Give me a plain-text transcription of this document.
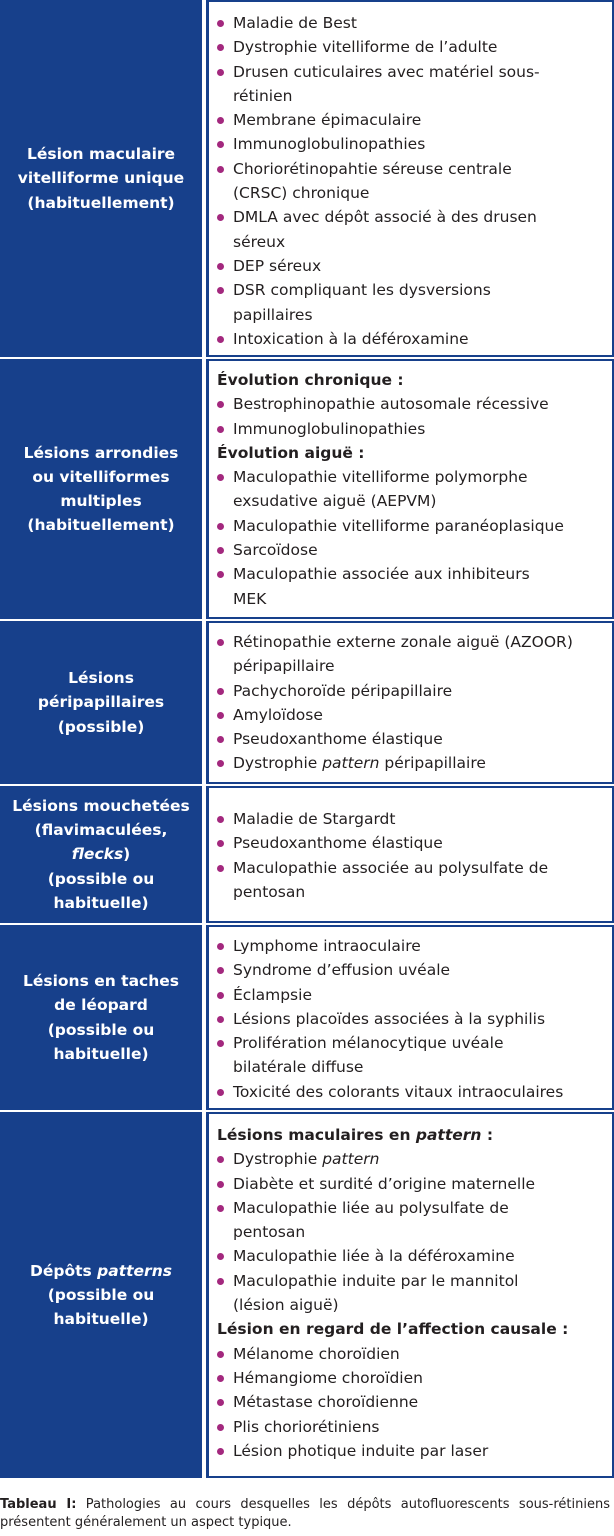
Lésion maculaire
vitelliforme unique
(habituellement)
Maladie de Best
Dystrophie vitelliforme de l’adulte
Drusen cuticulaires avec matériel sous-
rétinien
Membrane épimaculaire
Immunoglobulinopathies
Choriorétinopahtie séreuse centrale
(CRSC) chronique
DMLA avec dépôt associé à des drusen
séreux
DEP séreux
DSR compliquant les dysversions
papillaires
Intoxication à la déféroxamine
Lésions arrondies
ou vitelliformes
multiples
(habituellement)
Évolution chronique :
Bestrophinopathie autosomale récessive
Immunoglobulinopathies
Évolution aiguë :
Maculopathie vitelliforme polymorphe
exsudative aiguë (AEPVM)
Maculopathie vitelliforme paranéoplasique
Sarcoïdose
Maculopathie associée aux inhibiteurs
MEK
Lésions
péripapillaires
(possible)
Rétinopathie externe zonale aiguë (AZOOR)
péripapillaire
Pachychoroïde péripapillaire
Amyloïdose
Pseudoxanthome élastique
Dystrophie pattern péripapillaire
Lésions mouchetées
(flavimaculées,
flecks)
(possible ou
habituelle)
Maladie de Stargardt
Pseudoxanthome élastique
Maculopathie associée au polysulfate de
pentosan
Lésions en taches
de léopard
(possible ou
habituelle)
Lymphome intraoculaire
Syndrome d’effusion uvéale
Éclampsie
Lésions placoïdes associées à la syphilis
Prolifération mélanocytique uvéale
bilatérale diffuse
Toxicité des colorants vitaux intraoculaires
Dépôts patterns
(possible ou
habituelle)
Lésions maculaires en pattern :
Dystrophie pattern
Diabète et surdité d’origine maternelle
Maculopathie liée au polysulfate de
pentosan
Maculopathie liée à la déféroxamine
Maculopathie induite par le mannitol
(lésion aiguë)
Lésion en regard de l’affection causale :
Mélanome choroïdien
Hémangiome choroïdien
Métastase choroïdienne
Plis choriorétiniens
Lésion photique induite par laser
Tableau I: Pathologies au cours desquelles les dépôts autofluorescents sous-rétiniens présentent généralement un aspect typique.
